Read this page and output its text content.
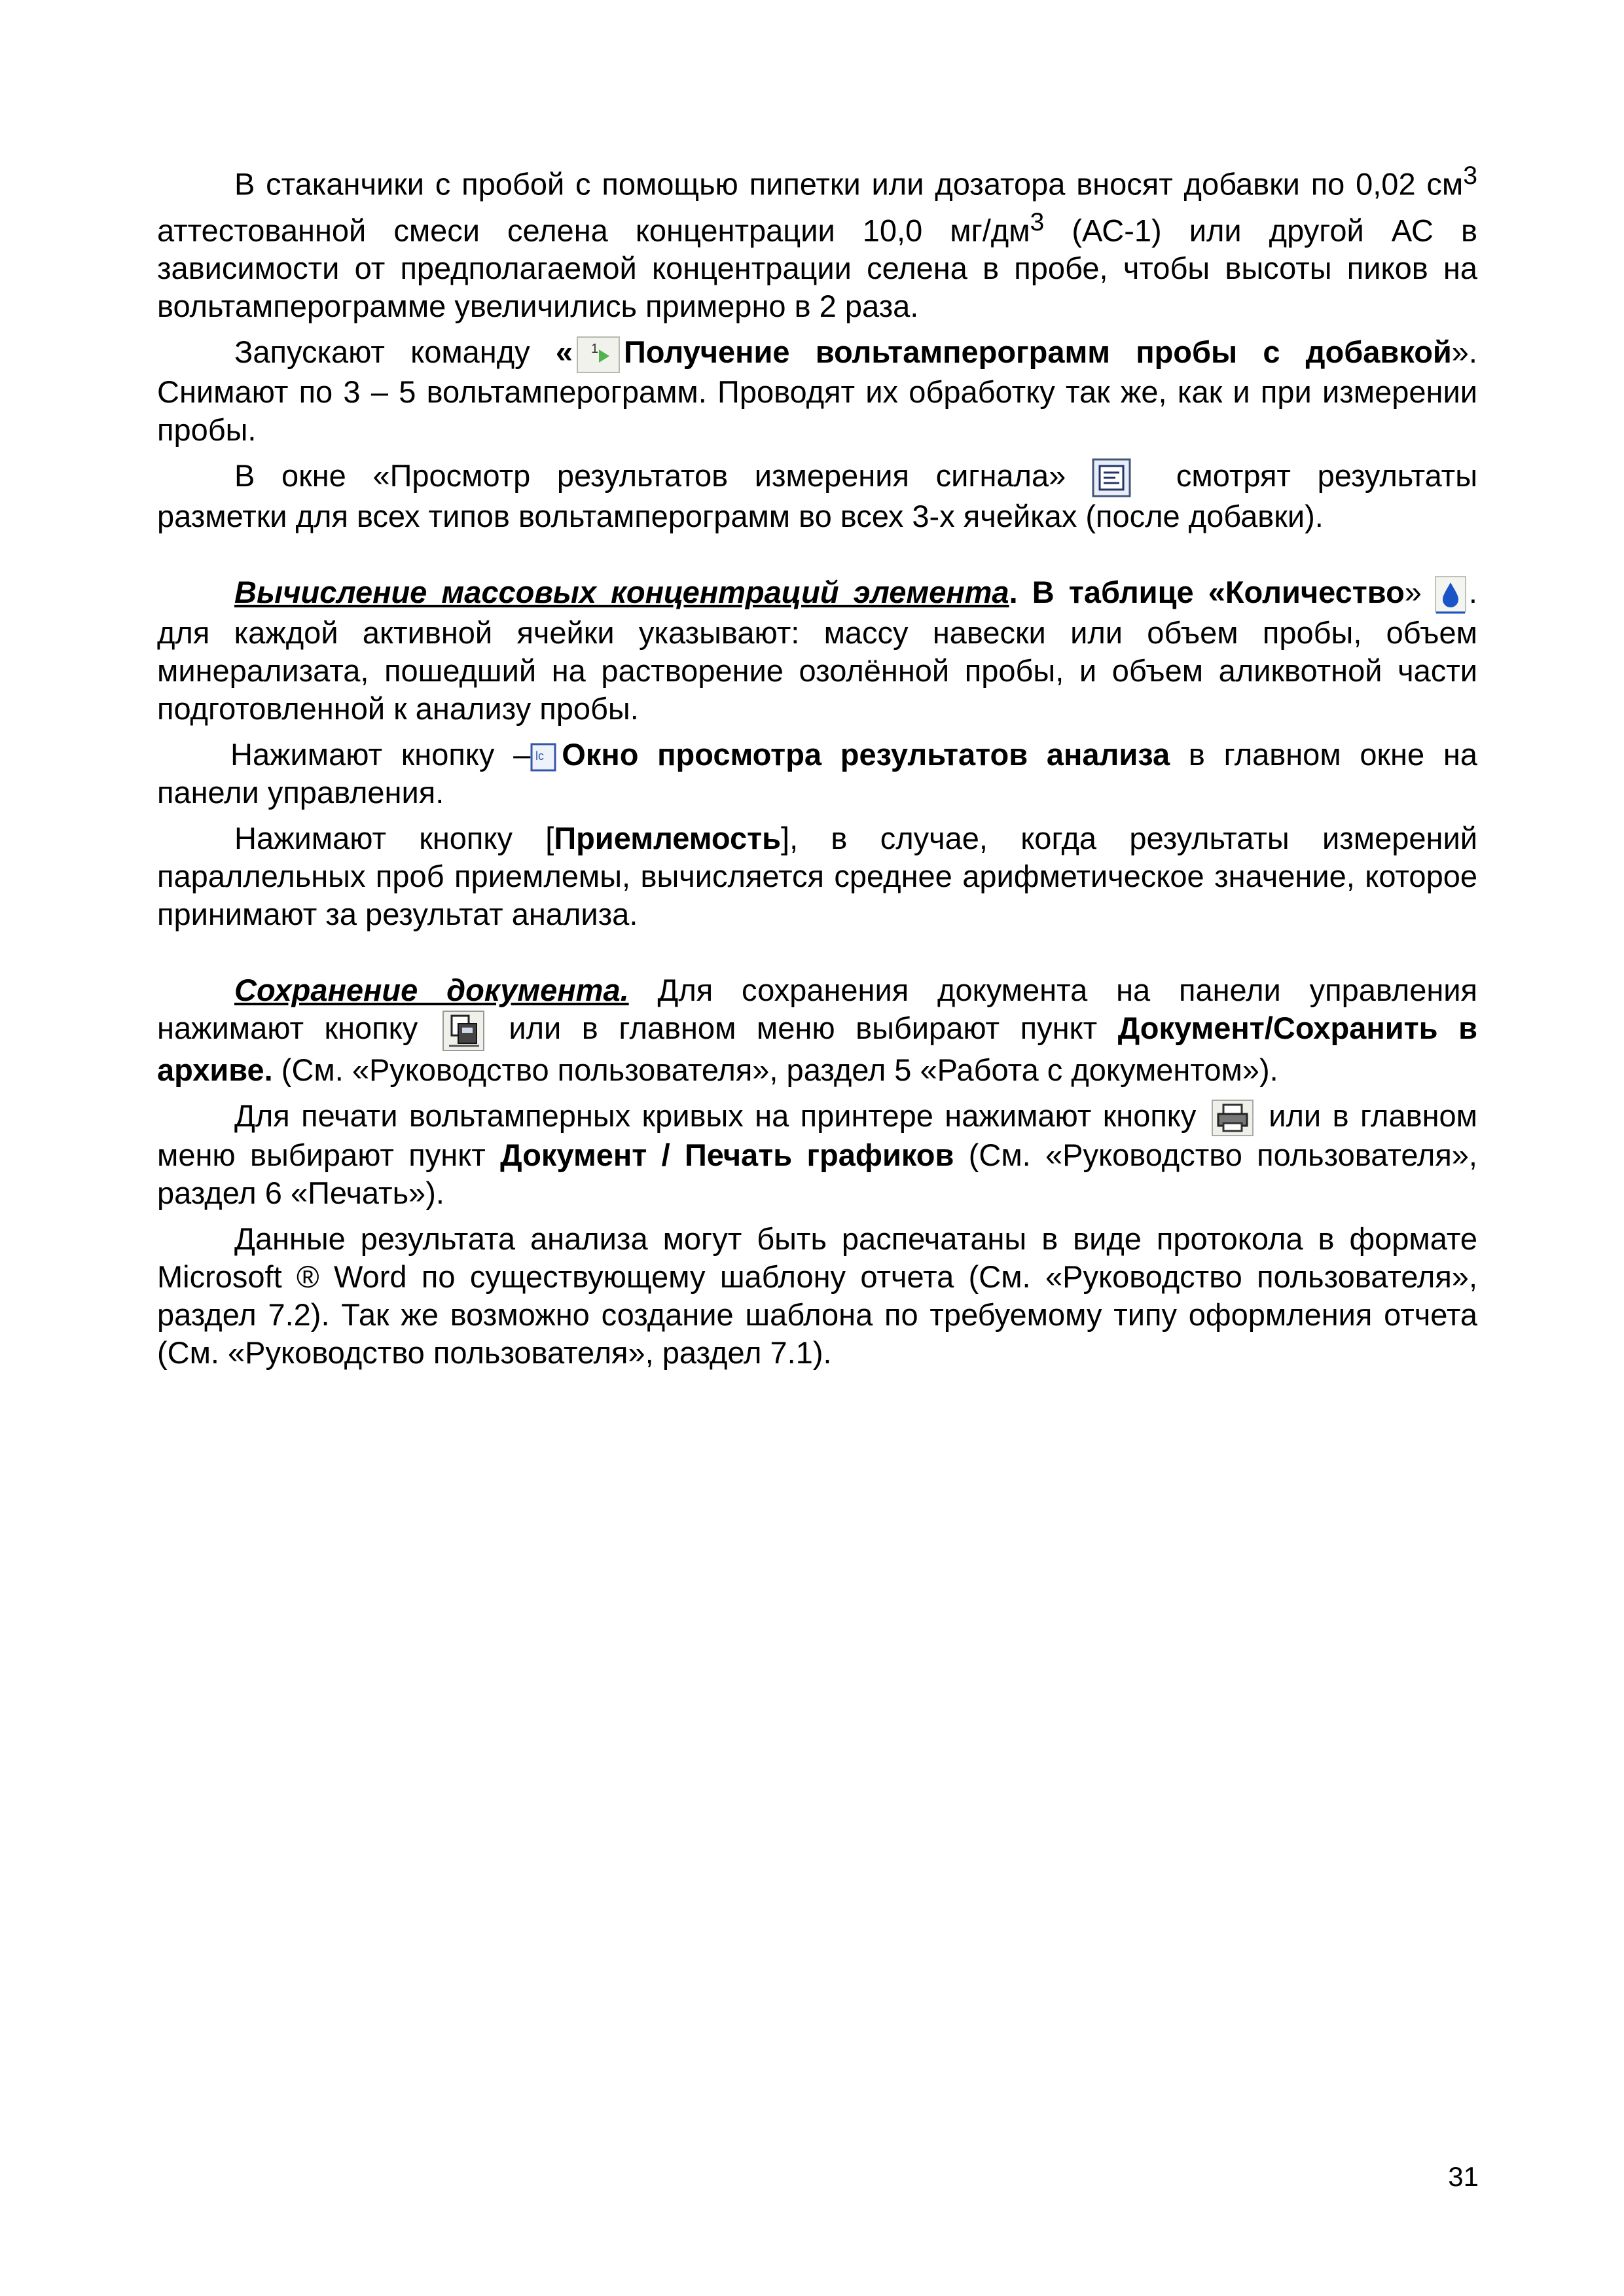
В стаканчики с пробой с помощью пипетки или дозатора вносят добавки по 0,02 $см^3$ аттестованной смеси селена концентрации 10,0 $мг/дм^3$ (АС-1) или другой АС в зависимости от предполагаемой концентрации селена в пробе, чтобы высоты пиков на вольтамперограмме увеличились примерно в 2 раза.

Запускают команду « 1 Получение вольтамперограмм пробы с добавкой». Снимают по 3 – 5 вольтамперограмм. Проводят их обработку так же, как и при измерении пробы.

В окне «Просмотр результатов измерения сигнала»	смотрят результаты разметки для всех типов вольтамперограмм во всех 3-х ячейках (после добавки).

Вычисление массовых концентраций элемента. В таблице «Количество» . для каждой активной ячейки указывают: массу навески или объем пробы, объем минерализата, пошедший на растворение озолённой пробы, и объем аликвотной части подготовленной к анализу пробы.

Нажимают кнопку – lc Окно просмотра результатов анализа в главном окне на панели управления.

Нажимают кнопку [Приемлемость], в случае, когда результаты измерений параллельных проб приемлемы, вычисляется среднее арифметическое значение, которое принимают за результат анализа.

Сохранение документа. Для сохранения документа на панели управления нажимают кнопку
или в главном меню выбирают пункт Документ/Сохранить в архиве. (См. «Руководство пользователя», раздел 5 «Работа с документом»).

Для печати вольтамперных кривых на принтере нажимают кнопку
или в главном меню выбирают пункт Документ / Печать графиков (См. «Руководство пользователя», раздел 6 «Печать»).

Данные результата анализа могут быть распечатаны в виде протокола в формате Microsoft ® Word по существующему шаблону отчета (См. «Руководство пользователя», раздел 7.2). Так же возможно создание шаблона по требуемому типу оформления отчета (См. «Руководство пользователя», раздел 7.1).

31
